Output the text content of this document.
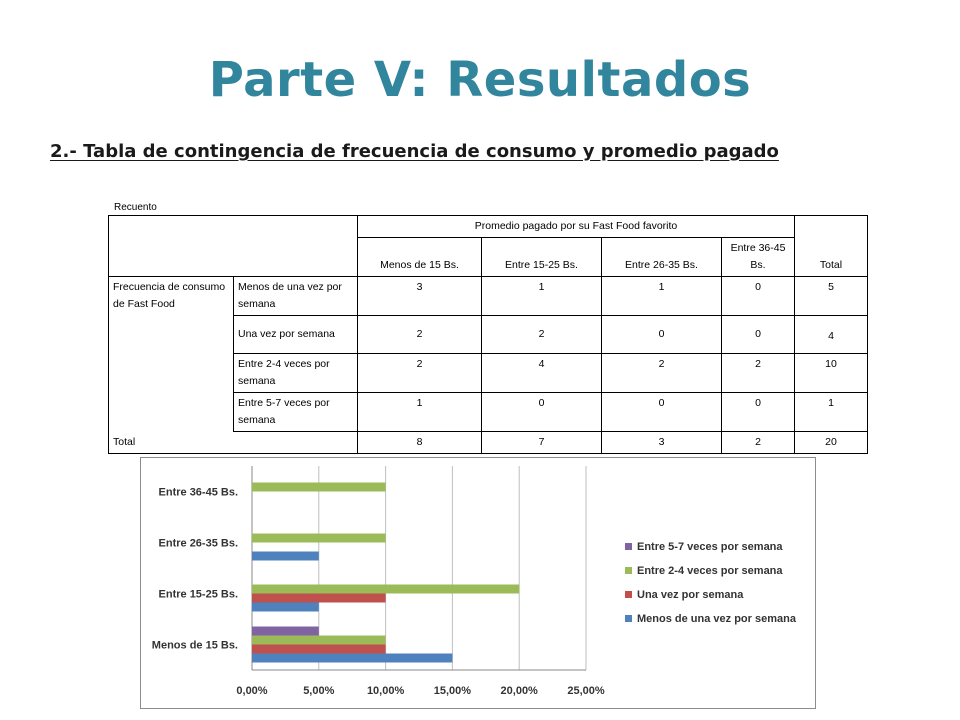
Parte V: Resultados
2.- Tabla de contingencia de frecuencia de consumo y promedio pagado
Recuento
		Promedio pagado por su Fast Food favorito				Total
		Menos de 15 Bs.	Entre 15-25 Bs.	Entre 26-35 Bs.	Entre 36-45 Bs.	
Frecuencia de consumo de Fast Food	Menos de una vez por semana	3	1	1	0	5
	Una vez por semana	2	2	0	0	4
	Entre 2-4 veces por semana	2	4	2	2	10
	Entre 5-7 veces por semana	1	0	0	0	1
Total		8	7	3	2	20
0,00%	5,00%	10,00%	15,00%	20,00%	25,00%
Menos de 15 Bs.
Entre 15-25 Bs.
Entre 26-35 Bs.
Entre 36-45 Bs.
Entre 5-7 veces por semana
Entre 2-4 veces por semana
Una vez por semana
Menos de una vez por semana
